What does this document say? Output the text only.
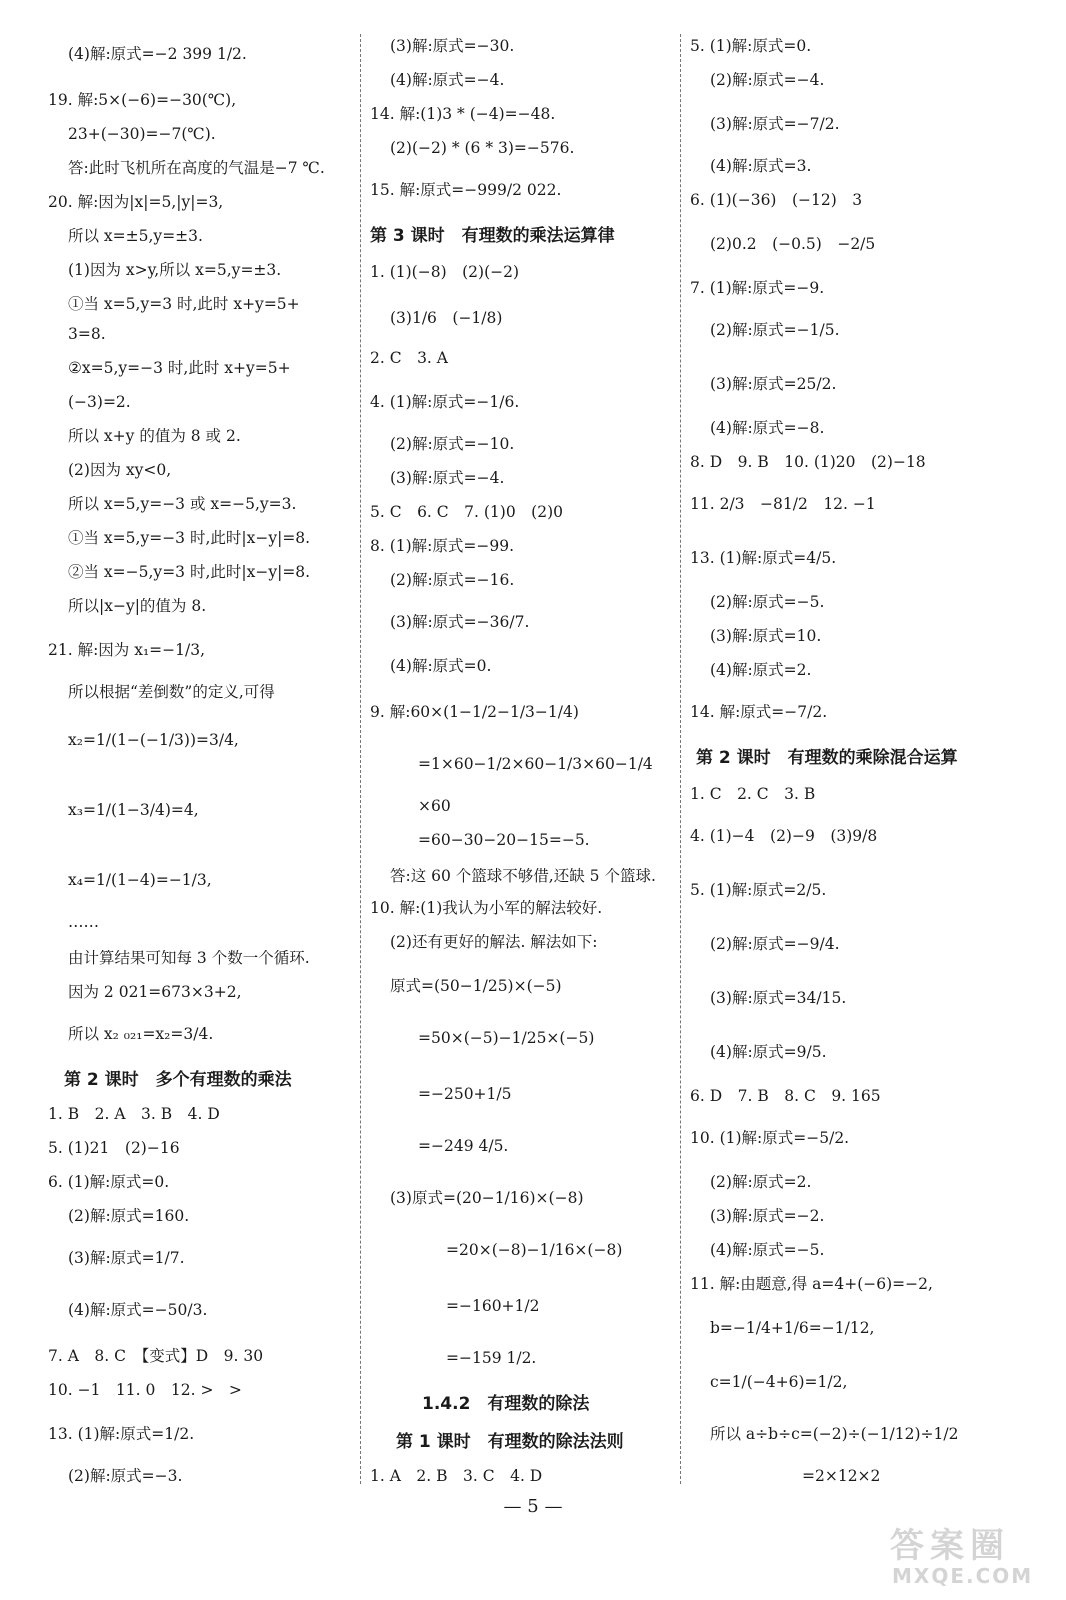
(4)解:原式=−2 399 1/2.
19. 解:5×(−6)=−30(℃),
23+(−30)=−7(℃).
答:此时飞机所在高度的气温是−7 ℃.
20. 解:因为|x|=5,|y|=3,
所以 x=±5,y=±3.
(1)因为 x>y,所以 x=5,y=±3.
①当 x=5,y=3 时,此时 x+y=5+
3=8.
②x=5,y=−3 时,此时 x+y=5+
(−3)=2.
所以 x+y 的值为 8 或 2.
(2)因为 xy<0,
所以 x=5,y=−3 或 x=−5,y=3.
①当 x=5,y=−3 时,此时|x−y|=8.
②当 x=−5,y=3 时,此时|x−y|=8.
所以|x−y|的值为 8.
21. 解:因为 x₁=−1/3,
所以根据“差倒数”的定义,可得
x₂=1/(1−(−1/3))=3/4,
x₃=1/(1−3/4)=4,
x₄=1/(1−4)=−1/3,
……
由计算结果可知每 3 个数一个循环.
因为 2 021=673×3+2,
所以 x₂ ₀₂₁=x₂=3/4.
第 2 课时　多个有理数的乘法
1. B　2. A　3. B　4. D
5. (1)21　(2)−16
6. (1)解:原式=0.
(2)解:原式=160.
(3)解:原式=1/7.
(4)解:原式=−50/3.
7. A　8. C　【变式】D　9. 30
10. −1　11. 0　12. >　>
13. (1)解:原式=1/2.
(2)解:原式=−3.
(3)解:原式=−30.
(4)解:原式=−4.
14. 解:(1)3 * (−4)=−48.
(2)(−2) * (6 * 3)=−576.
15. 解:原式=−999/2 022.
第 3 课时　有理数的乘法运算律
1. (1)(−8)　(2)(−2)
(3)1/6　(−1/8)
2. C　3. A
4. (1)解:原式=−1/6.
(2)解:原式=−10.
(3)解:原式=−4.
5. C　6. C　7. (1)0　(2)0
8. (1)解:原式=−99.
(2)解:原式=−16.
(3)解:原式=−36/7.
(4)解:原式=0.
9. 解:60×(1−1/2−1/3−1/4)
=1×60−1/2×60−1/3×60−1/4
×60
=60−30−20−15=−5.
答:这 60 个篮球不够借,还缺 5 个篮球.
10. 解:(1)我认为小军的解法较好.
(2)还有更好的解法. 解法如下:
原式=(50−1/25)×(−5)
=50×(−5)−1/25×(−5)
=−250+1/5
=−249 4/5.
(3)原式=(20−1/16)×(−8)
=20×(−8)−1/16×(−8)
=−160+1/2
=−159 1/2.
1.4.2　有理数的除法
第 1 课时　有理数的除法法则
1. A　2. B　3. C　4. D
5. (1)解:原式=0.
(2)解:原式=−4.
(3)解:原式=−7/2.
(4)解:原式=3.
6. (1)(−36)　(−12)　3
(2)0.2　(−0.5)　−2/5
7. (1)解:原式=−9.
(2)解:原式=−1/5.
(3)解:原式=25/2.
(4)解:原式=−8.
8. D　9. B　10. (1)20　(2)−18
11. 2/3　−81/2　12. −1
13. (1)解:原式=4/5.
(2)解:原式=−5.
(3)解:原式=10.
(4)解:原式=2.
14. 解:原式=−7/2.
第 2 课时　有理数的乘除混合运算
1. C　2. C　3. B
4. (1)−4　(2)−9　(3)9/8
5. (1)解:原式=2/5.
(2)解:原式=−9/4.
(3)解:原式=34/15.
(4)解:原式=9/5.
6. D　7. B　8. C　9. 165
10. (1)解:原式=−5/2.
(2)解:原式=2.
(3)解:原式=−2.
(4)解:原式=−5.
11. 解:由题意,得 a=4+(−6)=−2,
b=−1/4+1/6=−1/12,
c=1/(−4+6)=1/2,
所以 a÷b÷c=(−2)÷(−1/12)÷1/2
=2×12×2
— 5 —
答案圈
MXQE.COM
